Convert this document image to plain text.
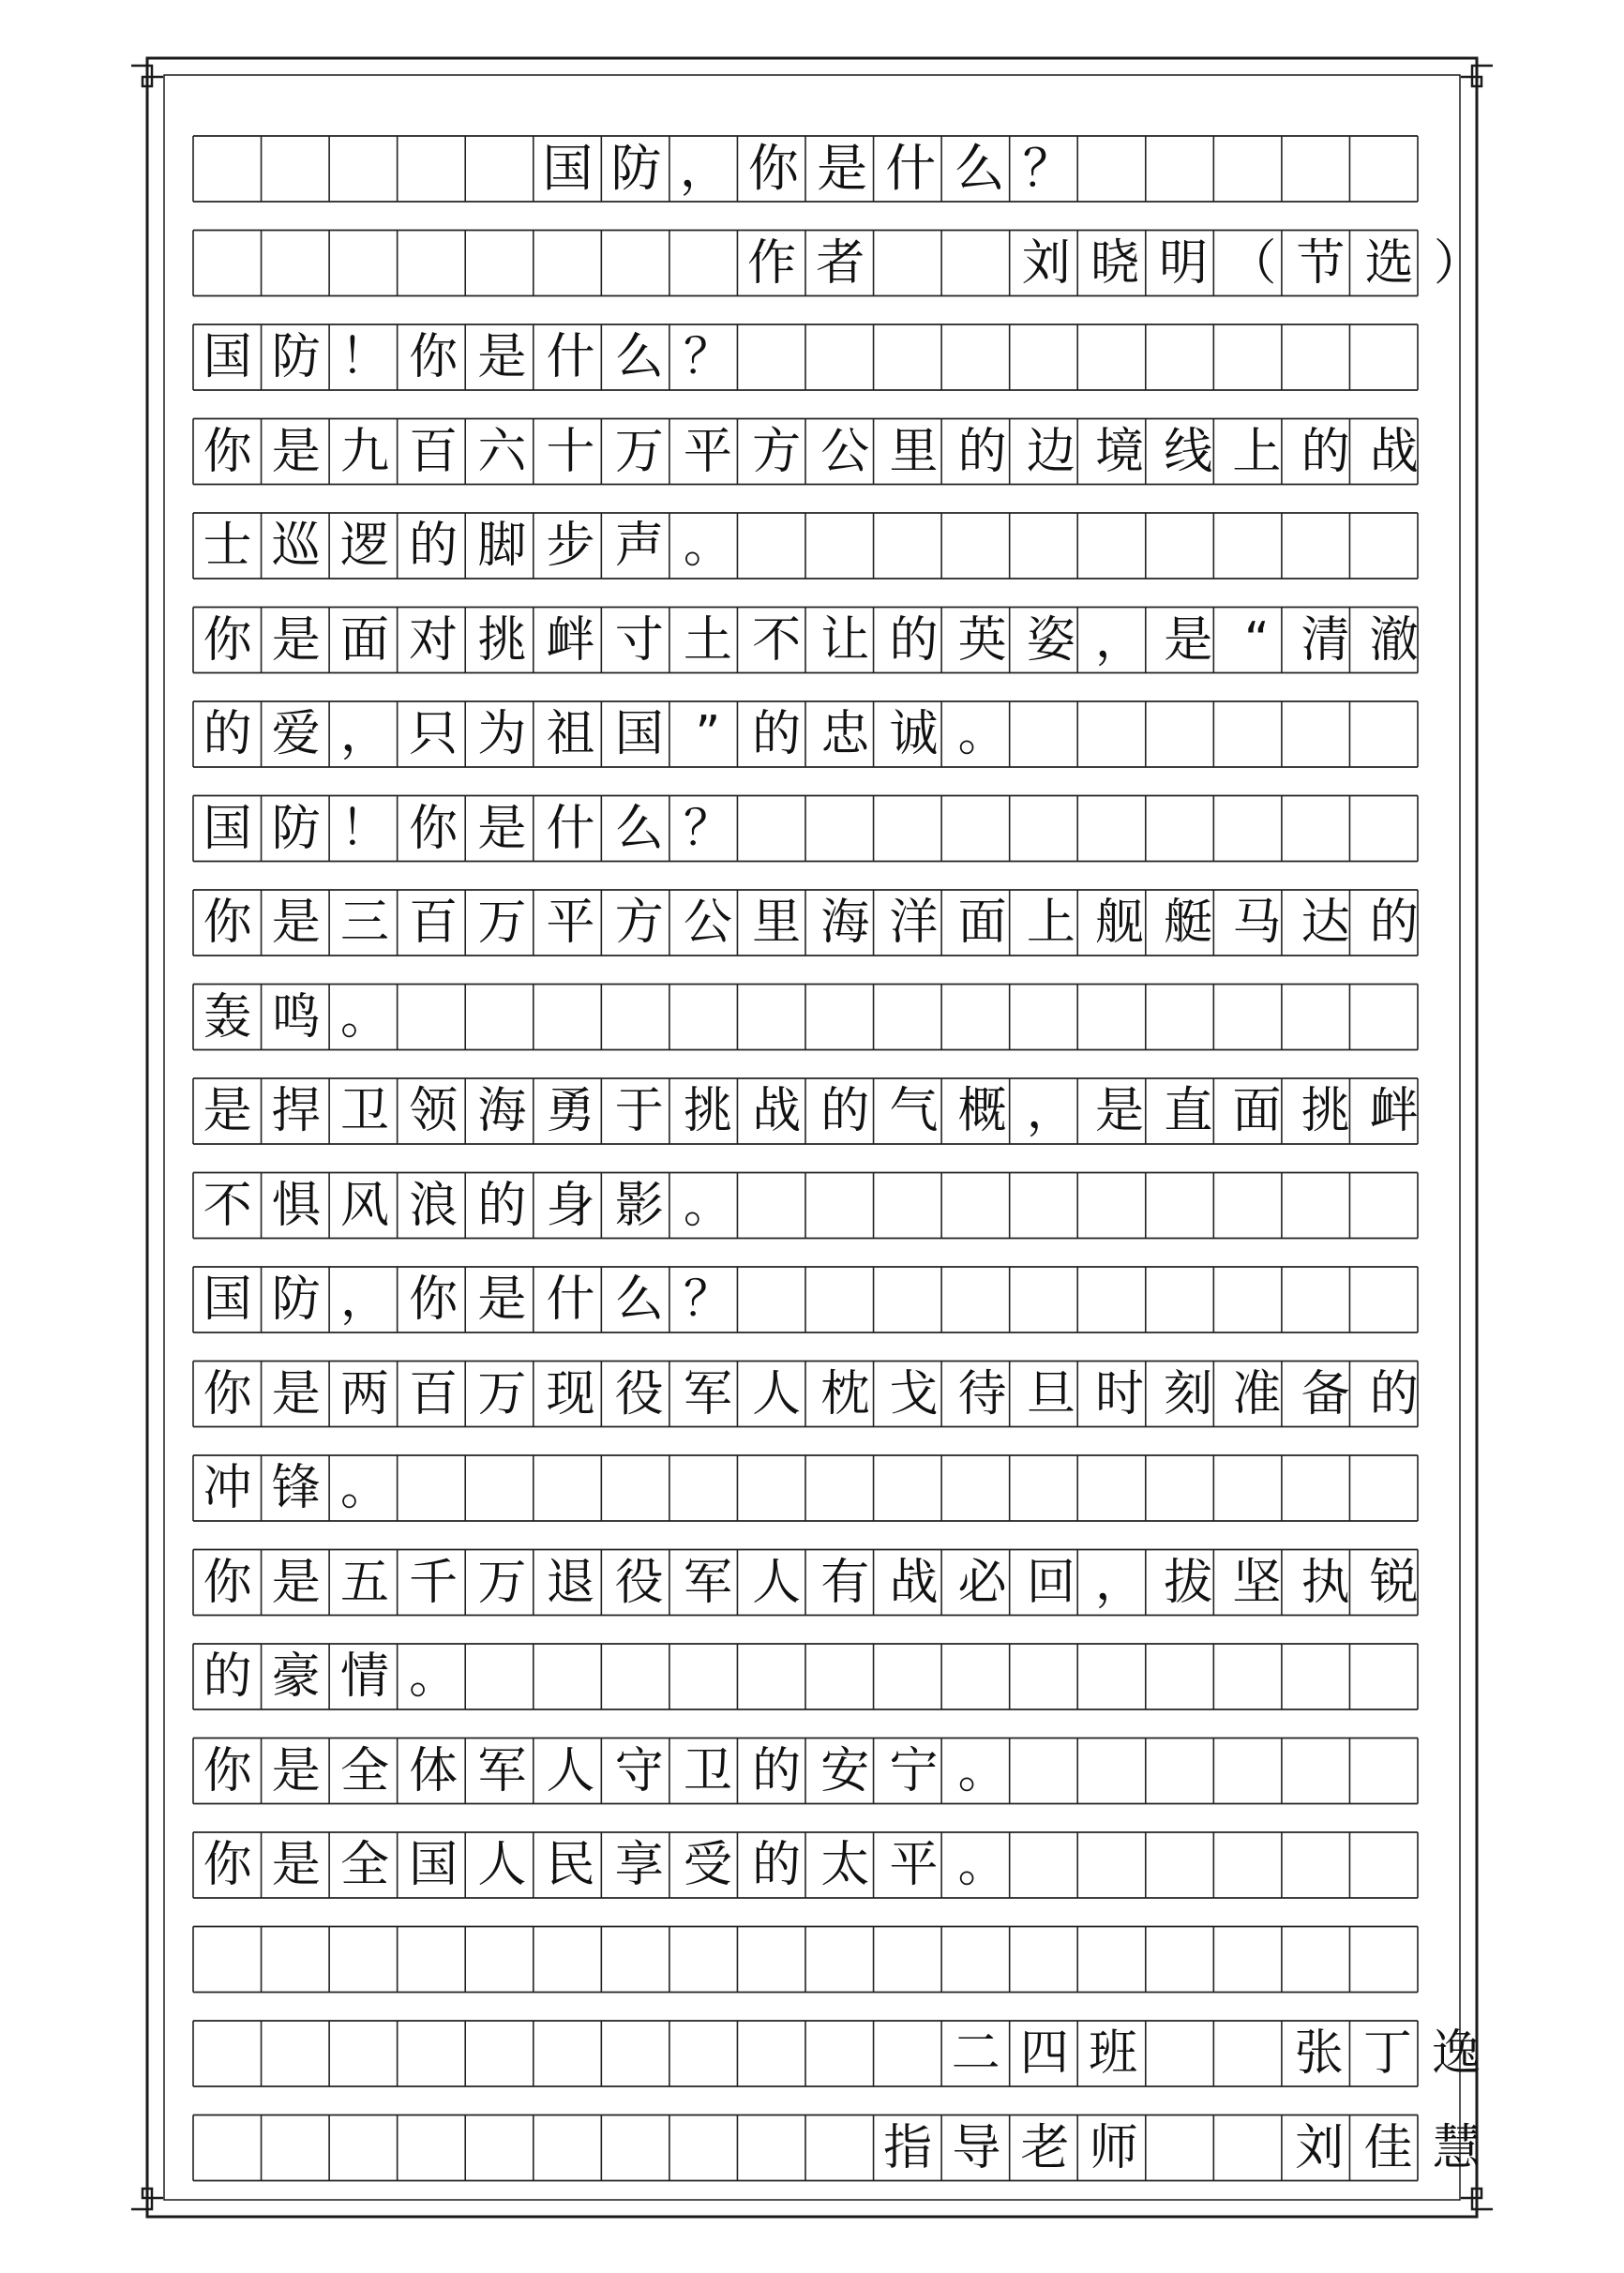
国 防 ， 你 是 什 么 ？
作 者	刘 晓 明 （ 节 选 ）
国 防 ！ 你 是 什 么 ？
你 是 九 百 六 十 万 平 方 公 里 的 边 境 线 上 的 战
士 巡 逻 的 脚 步 声 。
你 是 面 对 挑 衅 寸 土 不 让 的 英 姿 ， 是 “ 清 澈
的 爱 ， 只 为 祖 国 ” 的 忠 诚 。
国 防 ！ 你 是 什 么 ？
你 是 三 百 万 平 方 公 里 海 洋 面 上 舰 艇 马 达 的
轰 鸣 。
是 捍 卫 领 海 勇 于 挑 战 的 气 概 ， 是 直 面 挑 衅
不 惧 风 浪 的 身 影 。
国 防 ， 你 是 什 么 ？
你 是 两 百 万 现 役 军 人 枕 戈 待 旦 时 刻 准 备 的
冲 锋 。
你 是 五 千 万 退 役 军 人 有 战 必 回 ， 拔 坚 执 锐
的 豪 情 。
你 是 全 体 军 人 守 卫 的 安 宁 。
你 是 全 国 人 民 享 受 的 太 平 。
二 四 班	张 丁 逸
指 导 老 师	刘 佳 慧
